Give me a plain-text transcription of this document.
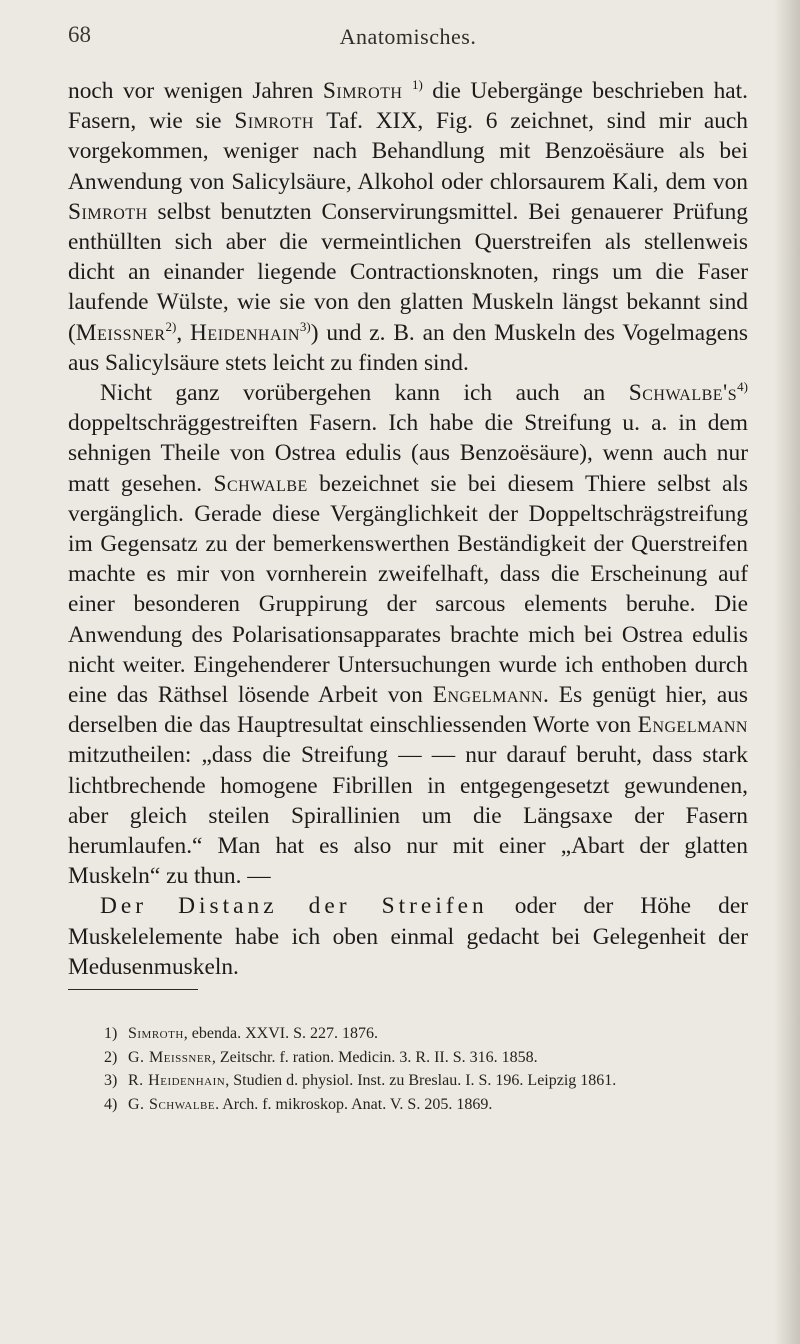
68	Anatomisches.

noch vor wenigen Jahren Simroth $^{1)}$ die Uebergänge beschrieben hat. Fasern, wie sie Simroth Taf. XIX, Fig. 6 zeichnet, sind mir auch vorgekommen, weniger nach Behandlung mit Benzoësäure als bei Anwendung von Salicylsäure, Alkohol oder chlorsaurem Kali, dem von Simroth selbst benutzten Conservirungsmittel. Bei genauerer Prüfung enthüllten sich aber die vermeintlichen Querstreifen als stellenweis dicht an einander liegende Contractionsknoten, rings um die Faser laufende Wülste, wie sie von den glatten Muskeln längst bekannt sind (Meissner$^{2)}$, Heidenhain$^{3)}$) und z. B. an den Muskeln des Vogelmagens aus Salicylsäure stets leicht zu finden sind.

Nicht ganz vorübergehen kann ich auch an $Schwalbe's^{4)}$ doppeltschräggestreiften Fasern. Ich habe die Streifung u. a. in dem sehnigen Theile von Ostrea edulis (aus Benzoësäure), wenn auch nur matt gesehen. Schwalbe bezeichnet sie bei diesem Thiere selbst als vergänglich. Gerade diese Vergänglichkeit der Doppeltschrägstreifung im Gegensatz zu der bemerkenswerthen Beständigkeit der Querstreifen machte es mir von vornherein zweifelhaft, dass die Erscheinung auf einer besonderen Gruppirung der sarcous elements beruhe. Die Anwendung des Polarisationsapparates brachte mich bei Ostrea edulis nicht weiter. Eingehenderer Untersuchungen wurde ich enthoben durch eine das Räthsel lösende Arbeit von Engelmann. Es genügt hier, aus derselben die das Hauptresultat einschliessenden Worte von Engelmann mitzutheilen: „dass die Streifung — — nur darauf beruht, dass stark lichtbrechende homogene Fibrillen in entgegengesetzt gewundenen, aber gleich steilen Spirallinien um die Längsaxe der Fasern herumlaufen.“ Man hat es also nur mit einer „Abart der glatten Muskeln“ zu thun. —

Der Distanz der Streifen oder der Höhe der Muskelelemente habe ich oben einmal gedacht bei Gelegenheit der Medusenmuskeln.

1) Simroth, ebenda. XXVI. S. 227. 1876.
2) G. Meissner, Zeitschr. f. ration. Medicin. 3. R. II. S. 316. 1858.
3) R. Heidenhain, Studien d. physiol. Inst. zu Breslau. I. S. 196. Leipzig 1861.
4) G. Schwalbe. Arch. f. mikroskop. Anat. V. S. 205. 1869.
